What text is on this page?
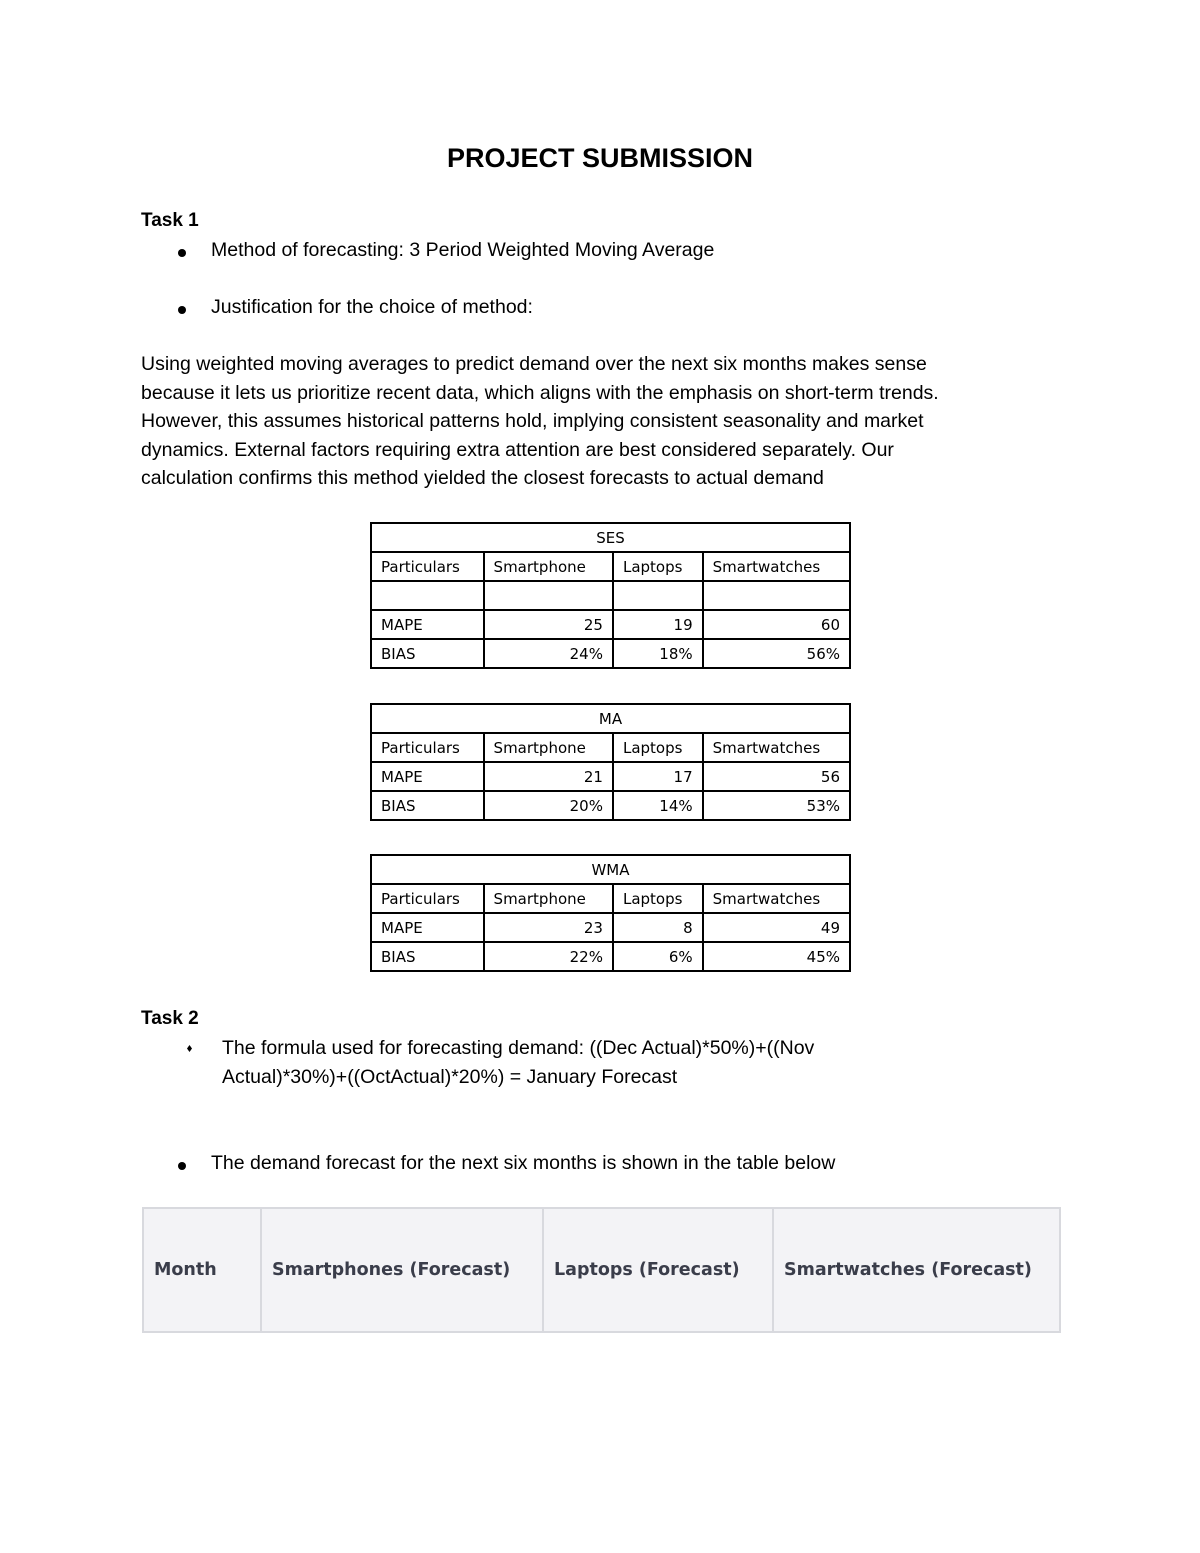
PROJECT SUBMISSION
Task 1
Method of forecasting: 3 Period Weighted Moving Average
Justification for the choice of method:
Using weighted moving averages to predict demand over the next six months makes sense
because it lets us prioritize recent data, which aligns with the emphasis on short-term trends.
However, this assumes historical patterns hold, implying consistent seasonality and market
dynamics. External factors requiring extra attention are best considered separately. Our
calculation confirms this method yielded the closest forecasts to actual demand
SES			
Particulars	Smartphone	Laptops	Smartwatches

MAPE	25	19	60
BIAS	24%	18%	56%
MA			
Particulars	Smartphone	Laptops	Smartwatches
MAPE	21	17	56
BIAS	20%	14%	53%
WMA			
Particulars	Smartphone	Laptops	Smartwatches
MAPE	23	8	49
BIAS	22%	6%	45%
Task 2
The formula used for forecasting demand: ((Dec Actual)*50%)+((Nov
Actual)*30%)+((OctActual)*20%) = January Forecast
The demand forecast for the next six months is shown in the table below
Month	Smartphones (Forecast)	Laptops (Forecast)	Smartwatches (Forecast)
